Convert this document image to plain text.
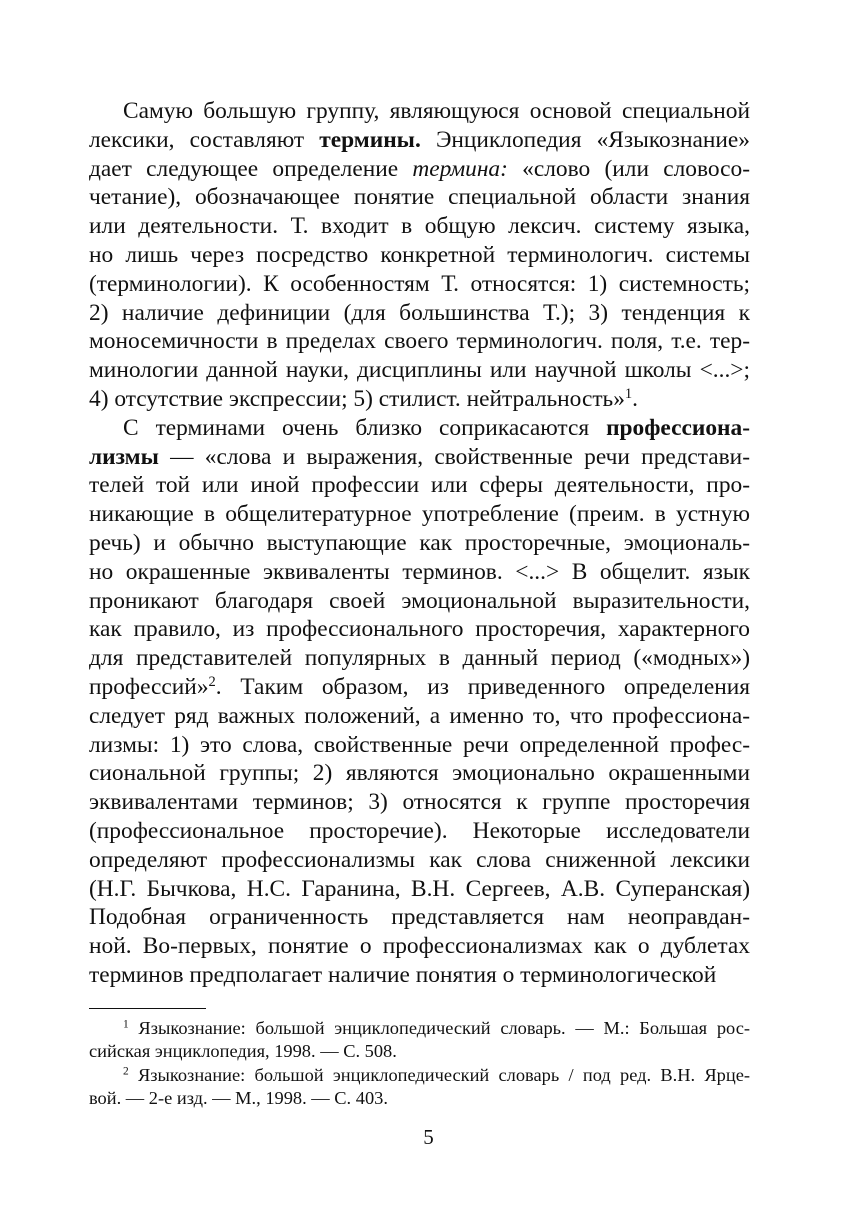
Самую большую группу, являющуюся основой специальной
лексики, составляют термины. Энциклопедия «Языкознание»
дает следующее определение термина: «слово (или словосо-
четание), обозначающее понятие специальной области знания
или деятельности. Т. входит в общую лексич. систему языка,
но лишь через посредство конкретной терминологич. системы
(терминологии). К особенностям Т. относятся: 1) системность;
2) наличие дефиниции (для большинства Т.); 3) тенденция к
моносемичности в пределах своего терминологич. поля, т.е. тер-
минологии данной науки, дисциплины или научной школы <...>;
4) отсутствие экспрессии; 5) стилист. нейтральность»$^1$.
С терминами очень близко соприкасаются профессиона-
лизмы — «слова и выражения, свойственные речи представи-
телей той или иной профессии или сферы деятельности, про-
никающие в общелитературное употребление (преим. в устную
речь) и обычно выступающие как просторечные, эмоциональ-
но окрашенные эквиваленты терминов. <...> В общелит. язык
проникают благодаря своей эмоциональной выразительности,
как правило, из профессионального просторечия, характерного
для представителей популярных в данный период («модных»)
профессий»$^2$. Таким образом, из приведенного определения
следует ряд важных положений, а именно то, что профессиона-
лизмы: 1) это слова, свойственные речи определенной профес-
сиональной группы; 2) являются эмоционально окрашенными
эквивалентами терминов; 3) относятся к группе просторечия
(профессиональное просторечие). Некоторые исследователи
определяют профессионализмы как слова сниженной лексики
(Н.Г. Бычкова, Н.С. Гаранина, В.Н. Сергеев, А.В. Суперанская)
Подобная ограниченность представляется нам неоправдан-
ной. Во-первых, понятие о профессионализмах как о дублетах
терминов предполагает наличие понятия о терминологической
$^1$ Языкознание: большой энциклопедический словарь. — М.: Большая рос-
сийская энциклопедия, 1998. — С. 508.
$^2$ Языкознание: большой энциклопедический словарь / под ред. В.Н. Ярце-
вой. — 2-е изд. — М., 1998. — С. 403.
5
